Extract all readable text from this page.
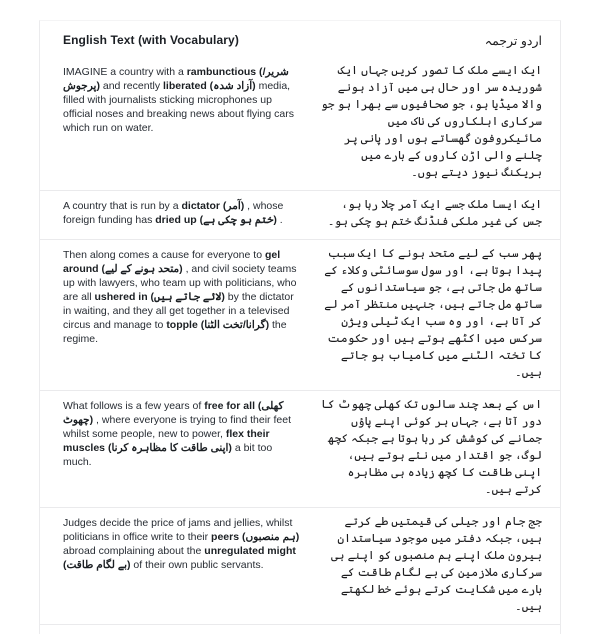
English Text (with Vocabulary)	اردو ترجمہ
IMAGINE a country with a rambunctious (شریر/پرجوش) and recently liberated (آزاد شدہ) media, filled with journalists sticking microphones up official noses and breaking news about flying cars which run on water.
ایک ایسے ملک کا تصور کریں جہاں ایک شوریدہ سر اور حال ہی میں آزاد ہونے والا میڈیا ہو، جو صحافیوں سے بھرا ہو جو سرکاری اہلکاروں کی ناک میں مائیکروفون گھساتے ہوں اور پانی پر چلنے والی اڑن کاروں کے بارے میں بریکنگ نیوز دیتے ہوں۔
A country that is run by a dictator (آمر) , whose foreign funding has dried up (ختم ہو چکی ہے) .
ایک ایسا ملک جسے ایک آمر چلا رہا ہو، جس کی غیر ملکی فنڈنگ ختم ہو چکی ہو۔
Then along comes a cause for everyone to gel around (متحد ہونے کے لیے) , and civil society teams up with lawyers, who team up with politicians, who are all ushered in (لائے جاتے ہیں) by the dictator in waiting, and they all get together in a televised circus and manage to topple (گرانا/تخت الٹنا) the regime.
پھر سب کے لیے متحد ہونے کا ایک سبب پیدا ہوتا ہے، اور سول سوسائٹی وکلاء کے ساتھ مل جاتی ہے، جو سیاستدانوں کے ساتھ مل جاتے ہیں، جنہیں منتظر آمر لے کر آتا ہے، اور وہ سب ایک ٹیلی ویژن سرکس میں اکٹھے ہوتے ہیں اور حکومت کا تختہ الٹنے میں کامیاب ہو جاتے ہیں۔
What follows is a few years of free for all (کھلی چھوٹ) , where everyone is trying to find their feet whilst some people, new to power, flex their muscles (اپنی طاقت کا مظاہرہ کرنا) a bit too much.
اس کے بعد چند سالوں تک کھلی چھوٹ کا دور آتا ہے، جہاں ہر کوئی اپنے پاؤں جمانے کی کوشش کر رہا ہوتا ہے جبکہ کچھ لوگ، جو اقتدار میں نئے ہوتے ہیں، اپنی طاقت کا کچھ زیادہ ہی مظاہرہ کرتے ہیں۔
Judges decide the price of jams and jellies, whilst politicians in office write to their peers (ہم منصبوں) abroad complaining about the unregulated might (بے لگام طاقت) of their own public servants.
جج جام اور جیلی کی قیمتیں طے کرتے ہیں، جبکہ دفتر میں موجود سیاستدان بیرون ملک اپنے ہم منصبوں کو اپنے ہی سرکاری ملازمین کی بے لگام طاقت کے بارے میں شکایت کرتے ہوئے خط لکھتے ہیں۔
